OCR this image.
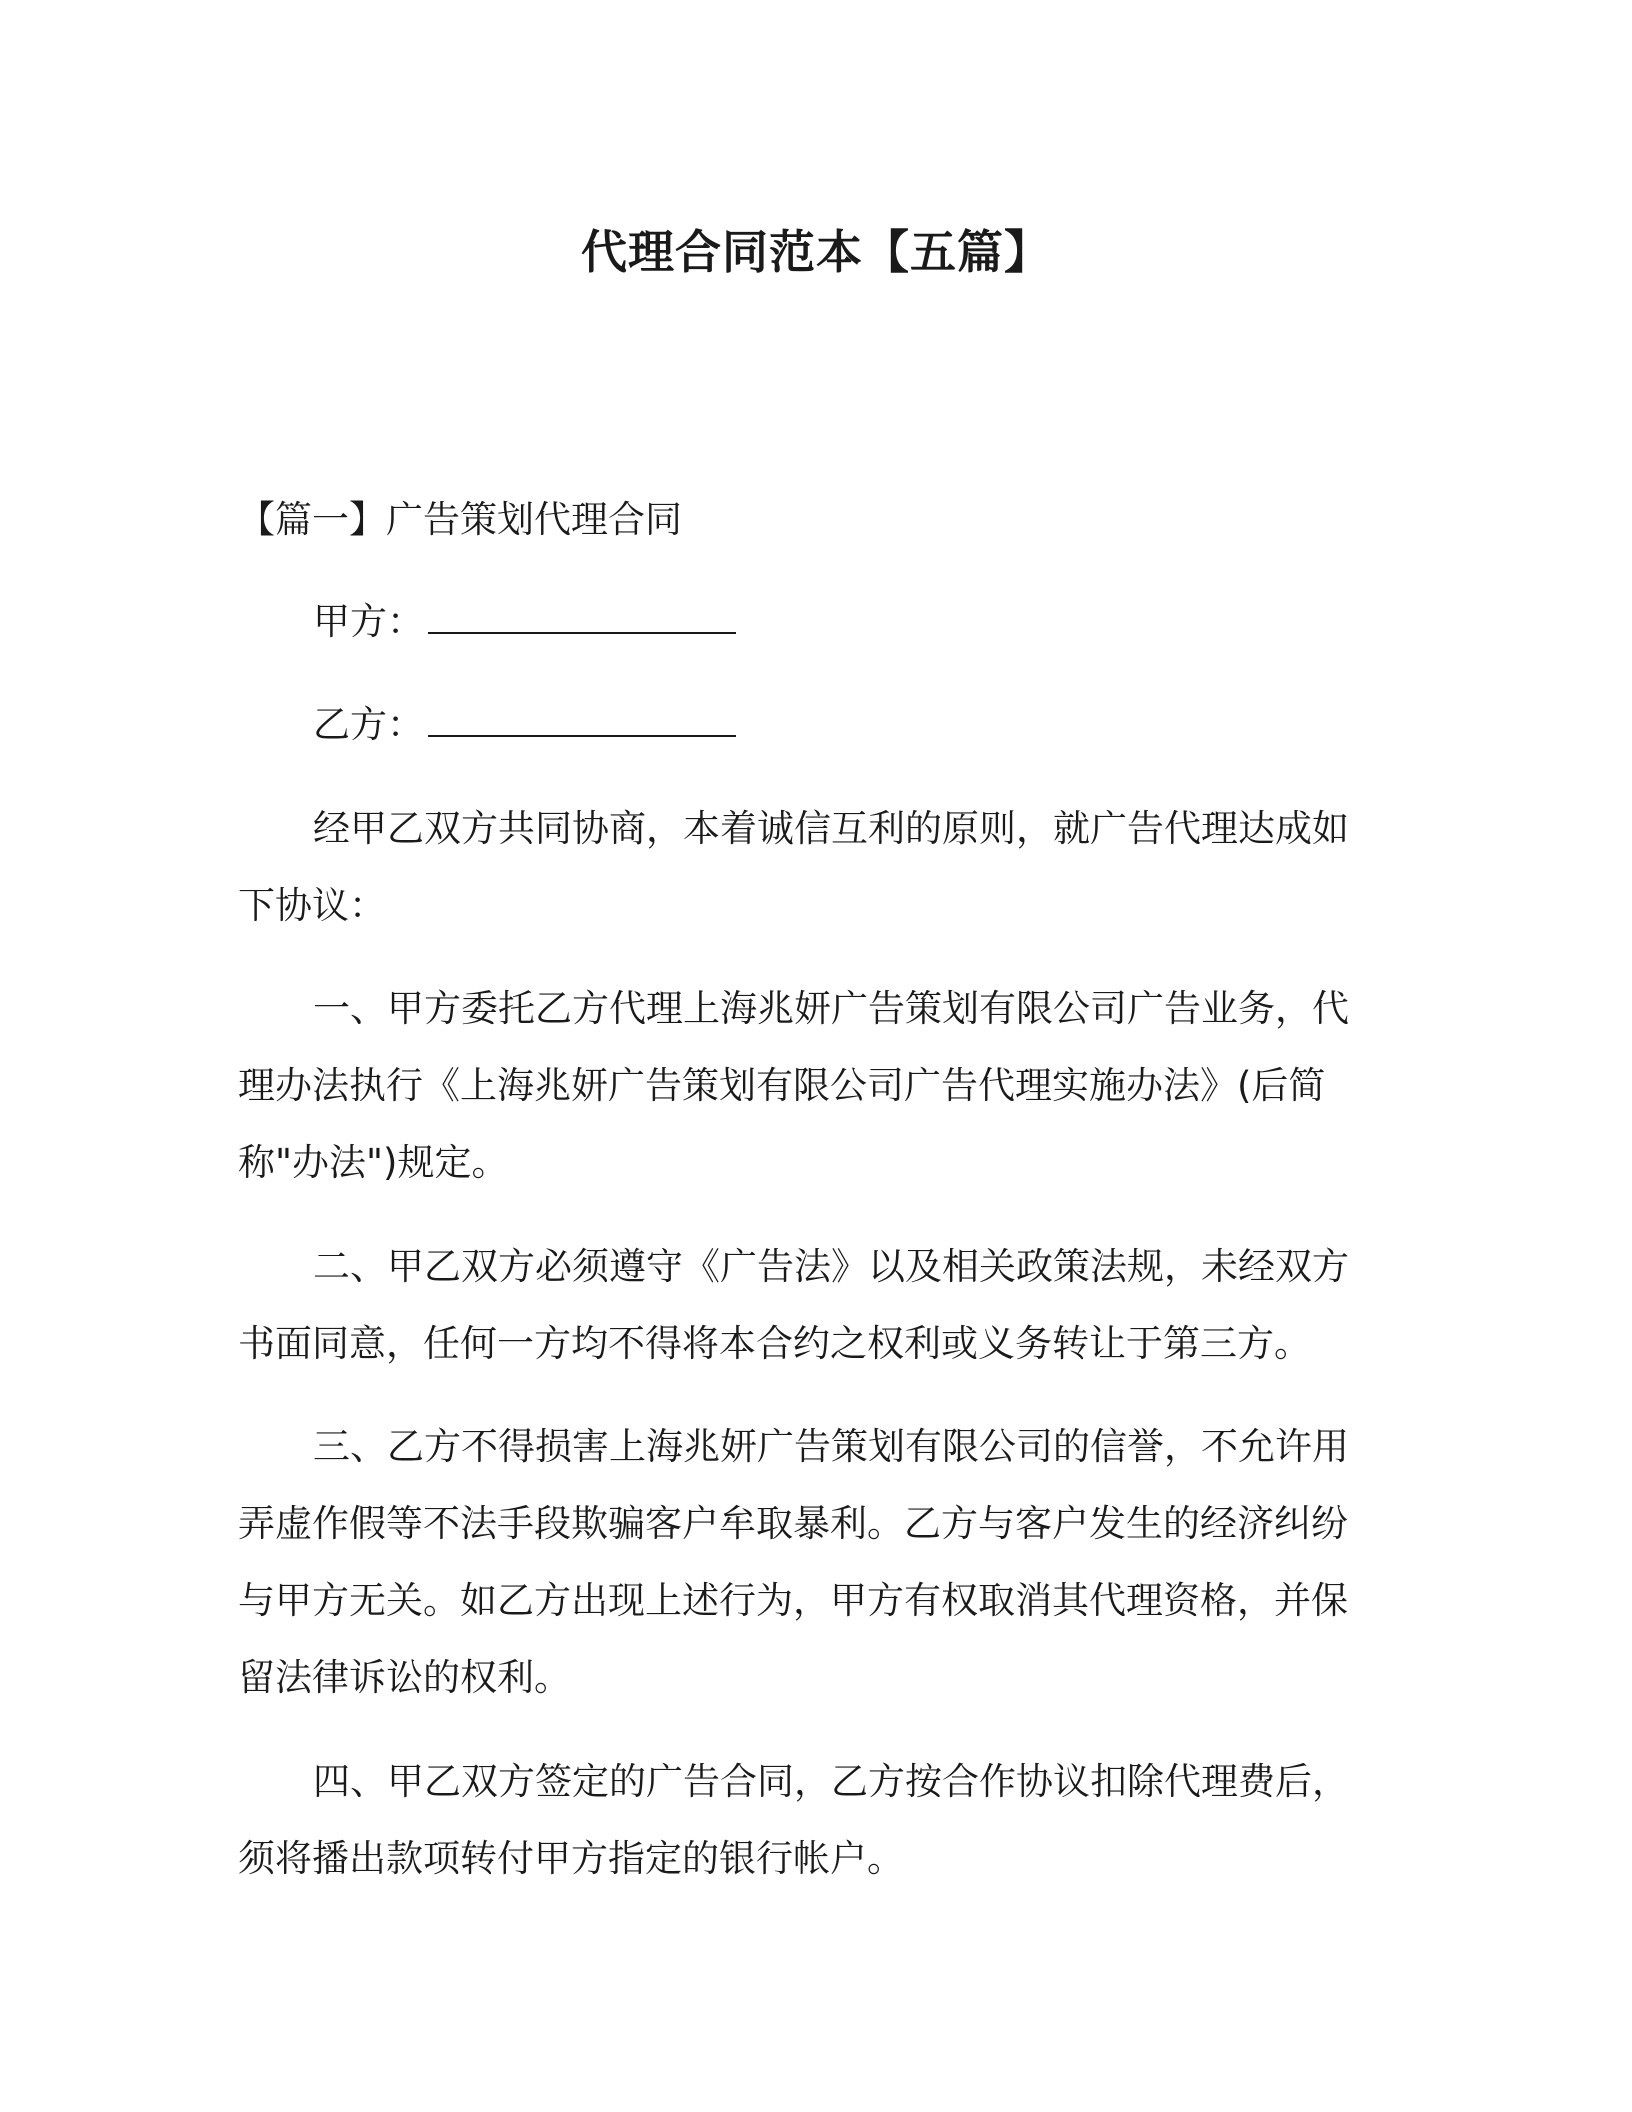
代理合同范本【五篇】
【篇一】广告策划代理合同
甲方：
乙方：

经甲乙双方共同协商，本着诚信互利的原则，就广告代理达成如下协议：

一、甲方委托乙方代理上海兆妍广告策划有限公司广告业务，代理办法执行《上海兆妍广告策划有限公司广告代理实施办法》(后简称"办法")规定。

二、甲乙双方必须遵守《广告法》以及相关政策法规，未经双方书面同意，任何一方均不得将本合约之权利或义务转让于第三方。

三、乙方不得损害上海兆妍广告策划有限公司的信誉，不允许用弄虚作假等不法手段欺骗客户牟取暴利。乙方与客户发生的经济纠纷与甲方无关。如乙方出现上述行为，甲方有权取消其代理资格，并保留法律诉讼的权利。

四、甲乙双方签定的广告合同，乙方按合作协议扣除代理费后，须将播出款项转付甲方指定的银行帐户。
